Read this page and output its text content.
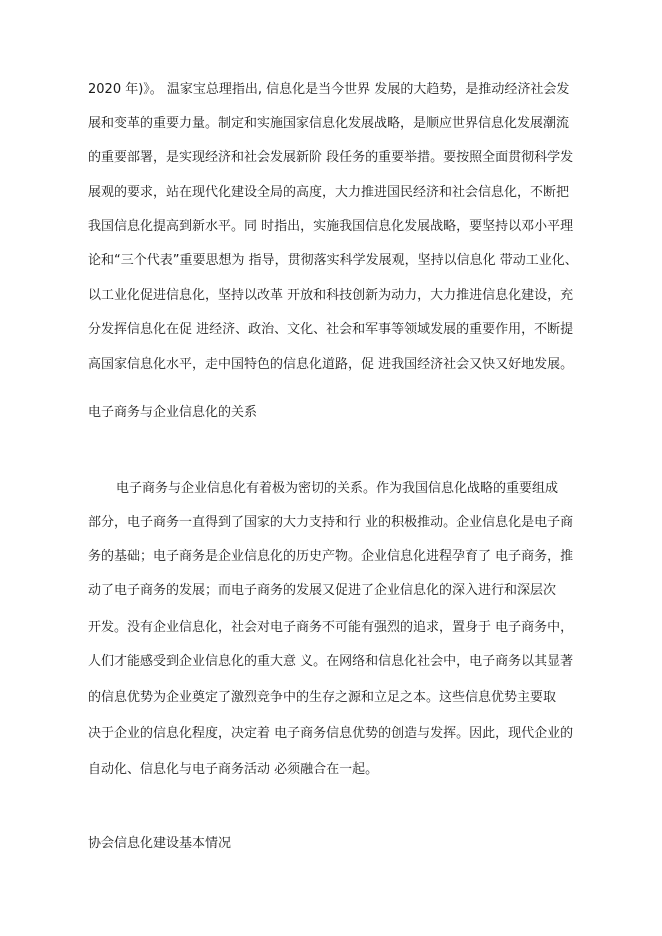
2020 年)》。 温家宝总理指出, 信息化是当今世界 发展的大趋势，是推动经济社会发
展和变革的重要力量。制定和实施国家信息化发展战略，是顺应世界信息化发展潮流
的重要部署，是实现经济和社会发展新阶 段任务的重要举措。要按照全面贯彻科学发
展观的要求，站在现代化建设全局的高度，大力推进国民经济和社会信息化，不断把
我国信息化提高到新水平。同 时指出，实施我国信息化发展战略，要坚持以邓小平理
论和“三个代表”重要思想为 指导，贯彻落实科学发展观，坚持以信息化 带动工业化、
以工业化促进信息化，坚持以改革 开放和科技创新为动力，大力推进信息化建设，充
分发挥信息化在促 进经济、政治、文化、社会和军事等领域发展的重要作用，不断提
高国家信息化水平，走中国特色的信息化道路，促 进我国经济社会又快又好地发展。
电子商务与企业信息化的关系
电子商务与企业信息化有着极为密切的关系。作为我国信息化战略的重要组成
部分，电子商务一直得到了国家的大力支持和行 业的积极推动。企业信息化是电子商
务的基础；电子商务是企业信息化的历史产物。企业信息化进程孕育了 电子商务，推
动了电子商务的发展；而电子商务的发展又促进了企业信息化的深入进行和深层次
开发。没有企业信息化，社会对电子商务不可能有强烈的追求，置身于 电子商务中，
人们才能感受到企业信息化的重大意 义。在网络和信息化社会中，电子商务以其显著
的信息优势为企业奠定了激烈竞争中的生存之源和立足之本。这些信息优势主要取
决于企业的信息化程度，决定着 电子商务信息优势的创造与发挥。因此，现代企业的
自动化、信息化与电子商务活动 必须融合在一起。
协会信息化建设基本情况
